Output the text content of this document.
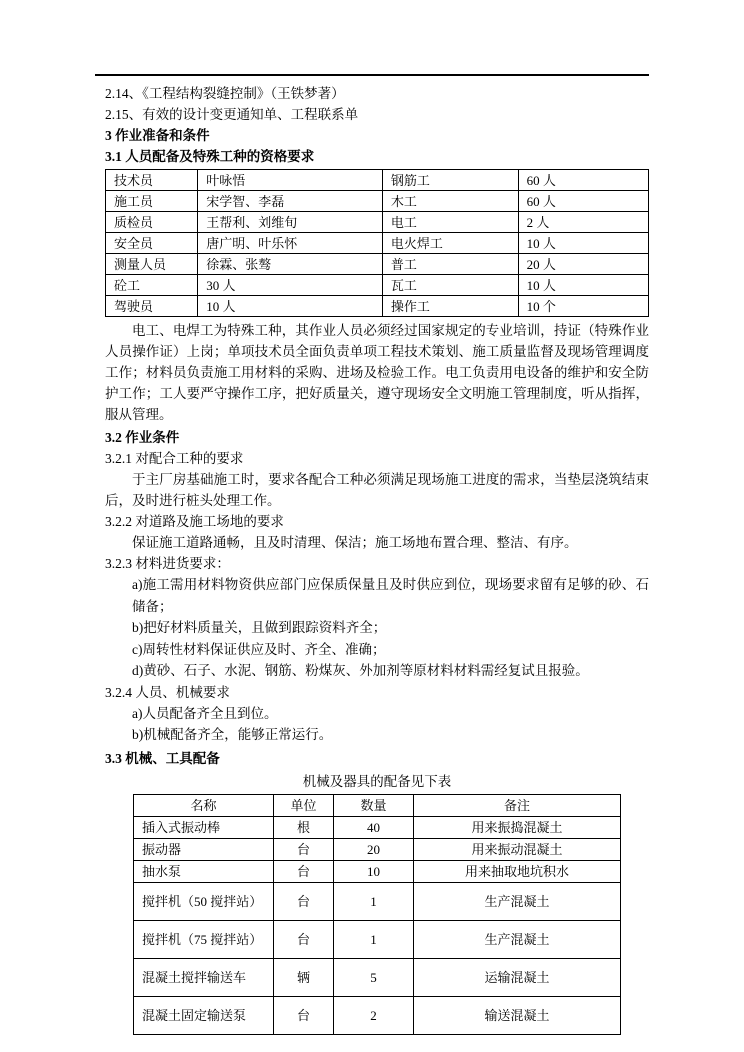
2.14、《工程结构裂缝控制》（王铁梦著）

2.15、有效的设计变更通知单、工程联系单

3 作业准备和条件

3.1 人员配备及特殊工种的资格要求

技术员	叶咏悟	钢筋工	60 人
施工员	宋学智、李磊	木工	60 人
质检员	王帮利、刘维旬	电工	2 人
安全员	唐广明、叶乐怀	电火焊工	10 人
测量人员	徐霖、张骜	普工	20 人
砼工	30 人	瓦工	10 人
驾驶员	10 人	操作工	10 个

电工、电焊工为特殊工种，其作业人员必须经过国家规定的专业培训，持证（特殊作业人员操作证）上岗；单项技术员全面负责单项工程技术策划、施工质量监督及现场管理调度工作；材料员负责施工用材料的采购、进场及检验工作。电工负责用电设备的维护和安全防护工作；工人要严守操作工序，把好质量关，遵守现场安全文明施工管理制度，听从指挥，服从管理。

3.2 作业条件

3.2.1 对配合工种的要求

于主厂房基础施工时，要求各配合工种必须满足现场施工进度的需求，当垫层浇筑结束后，及时进行桩头处理工作。

3.2.2 对道路及施工场地的要求

保证施工道路通畅，且及时清理、保洁；施工场地布置合理、整洁、有序。

3.2.3 材料进货要求：

a)施工需用材料物资供应部门应保质保量且及时供应到位，现场要求留有足够的砂、石储备；
b)把好材料质量关，且做到跟踪资料齐全；
c)周转性材料保证供应及时、齐全、准确；
d)黄砂、石子、水泥、钢筋、粉煤灰、外加剂等原材料材料需经复试且报验。

3.2.4 人员、机械要求

a)人员配备齐全且到位。
b)机械配备齐全，能够正常运行。

3.3 机械、工具配备

机械及器具的配备见下表

名称	单位	数量	备注
插入式振动棒	根	40	用来振捣混凝土
振动器	台	20	用来振动混凝土
抽水泵	台	10	用来抽取地坑积水
搅拌机（50 搅拌站）	台	1	生产混凝土
搅拌机（75 搅拌站）	台	1	生产混凝土
混凝土搅拌输送车	辆	5	运输混凝土
混凝土固定输送泵	台	2	输送混凝土
